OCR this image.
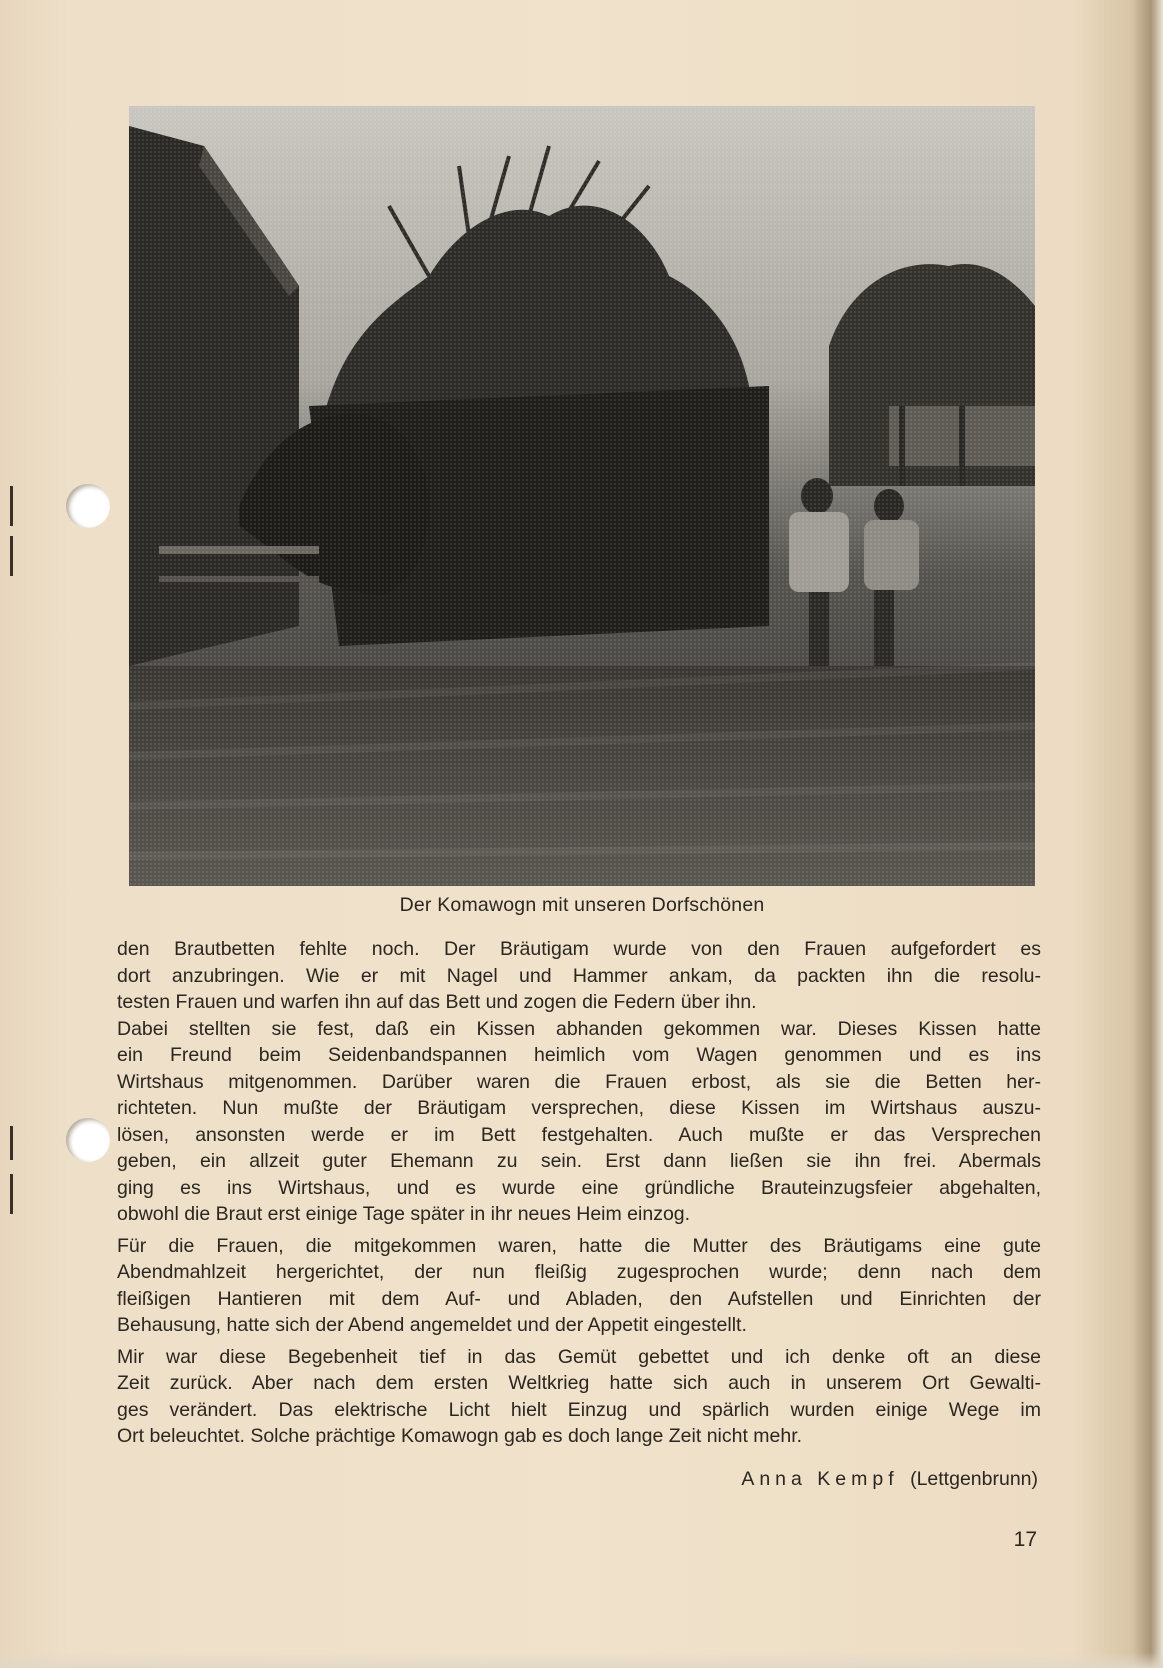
Der Komawogn mit unseren Dorfschönen

den Brautbetten fehlte noch. Der Bräutigam wurde von den Frauen aufgefordert es
dort anzubringen. Wie er mit Nagel und Hammer ankam, da packten ihn die resolu-
testen Frauen und warfen ihn auf das Bett und zogen die Federn über ihn.
Dabei stellten sie fest, daß ein Kissen abhanden gekommen war. Dieses Kissen hatte
ein Freund beim Seidenbandspannen heimlich vom Wagen genommen und es ins
Wirtshaus mitgenommen. Darüber waren die Frauen erbost, als sie die Betten her-
richteten. Nun mußte der Bräutigam versprechen, diese Kissen im Wirtshaus auszu-
lösen, ansonsten werde er im Bett festgehalten. Auch mußte er das Versprechen
geben, ein allzeit guter Ehemann zu sein. Erst dann ließen sie ihn frei. Abermals
ging es ins Wirtshaus, und es wurde eine gründliche Brauteinzugsfeier abgehalten,
obwohl die Braut erst einige Tage später in ihr neues Heim einzog.

Für die Frauen, die mitgekommen waren, hatte die Mutter des Bräutigams eine gute
Abendmahlzeit hergerichtet, der nun fleißig zugesprochen wurde; denn nach dem
fleißigen Hantieren mit dem Auf- und Abladen, den Aufstellen und Einrichten der
Behausung, hatte sich der Abend angemeldet und der Appetit eingestellt.

Mir war diese Begebenheit tief in das Gemüt gebettet und ich denke oft an diese
Zeit zurück. Aber nach dem ersten Weltkrieg hatte sich auch in unserem Ort Gewalti-
ges verändert. Das elektrische Licht hielt Einzug und spärlich wurden einige Wege im
Ort beleuchtet. Solche prächtige Komawogn gab es doch lange Zeit nicht mehr.

Anna Kempf (Lettgenbrunn)
17
